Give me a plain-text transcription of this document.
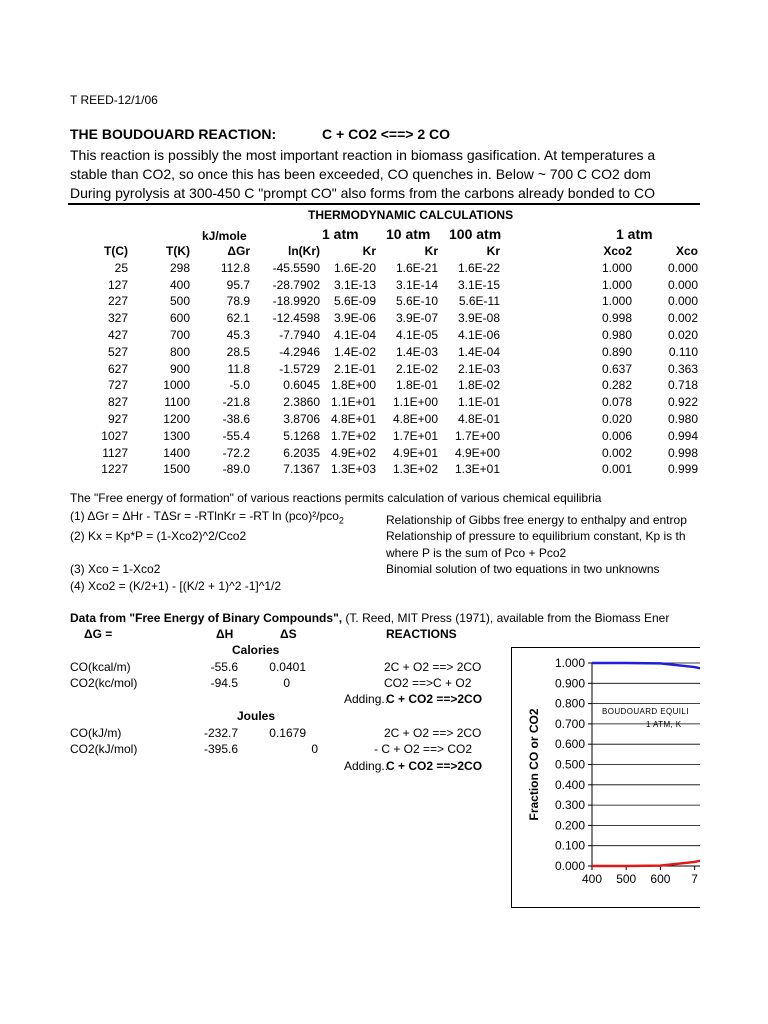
T REED-12/1/06
THE BOUDOUARD REACTION:	C + CO2 <==> 2 CO
This reaction is possibly the most important reaction in biomass gasification. At temperatures a
stable than CO2, so once this has been exceeded, CO quenches in. Below ~ 700 C CO2 dom
During pyrolysis at 300-450 C "prompt CO" also forms from the carbons already bonded to CO
THERMODYNAMIC CALCULATIONS
kJ/mole	1 atm 10 atm 100 atm	1 atm
T(C)	T(K)	ΔGr	ln(Kr)	Kr	Kr	Kr	Xco2	Xco
25	298	112.8	-45.5590	1.6E-20	1.6E-21	1.6E-22	1.000	0.000
127	400	95.7	-28.7902	3.1E-13	3.1E-14	3.1E-15	1.000	0.000
227	500	78.9	-18.9920	5.6E-09	5.6E-10	5.6E-11	1.000	0.000
327	600	62.1	-12.4598	3.9E-06	3.9E-07	3.9E-08	0.998	0.002
427	700	45.3	-7.7940	4.1E-04	4.1E-05	4.1E-06	0.980	0.020
527	800	28.5	-4.2946	1.4E-02	1.4E-03	1.4E-04	0.890	0.110
627	900	11.8	-1.5729	2.1E-01	2.1E-02	2.1E-03	0.637	0.363
727	1000	-5.0	0.6045	1.8E+00	1.8E-01	1.8E-02	0.282	0.718
827	1100	-21.8	2.3860	1.1E+01	1.1E+00	1.1E-01	0.078	0.922
927	1200	-38.6	3.8706	4.8E+01	4.8E+00	4.8E-01	0.020	0.980
1027	1300	-55.4	5.1268	1.7E+02	1.7E+01	1.7E+00	0.006	0.994
1127	1400	-72.2	6.2035	4.9E+02	4.9E+01	4.9E+00	0.002	0.998
1227	1500	-89.0	7.1367	1.3E+03	1.3E+02	1.3E+01	0.001	0.999
The "Free energy of formation" of various reactions permits calculation of various chemical equilibria
(1) ΔGr = ΔHr - TΔSr = -RTlnKr = -RT ln (pco)²/pco$_2$	Relationship of Gibbs free energy to enthalpy and entrop
(2) Kx = Kp*P = (1-Xco2)^2/Cco2	Relationship of pressure to equilibrium constant, Kp is th
where P is the sum of Pco + Pco2
(3) Xco = 1-Xco2	Binomial solution of two equations in two unknowns
(4) Xco2 = (K/2+1) - [(K/2 + 1)^2 -1]^1/2
Data from "Free Energy of Binary Compounds", (T. Reed, MIT Press (1971), available from the Biomass Ener
ΔG =	ΔH	ΔS	REACTIONS
Calories
CO(kcal/m)	-55.6	0.0401	2C + O2 ==> 2CO
CO2(kc/mol)	-94.5	0	CO2 ==>C + O2
Adding..
C + CO2 ==>2CO
Joules
CO(kJ/m)	-232.7	0.1679	2C + O2 ==> 2CO
CO2(kJ/mol)	-395.6	0	- C + O2 ==> CO2
Adding..
C + CO2 ==>2CO
1.000
0.900
0.800
0.700
0.600
0.500
0.400
0.300
0.200
0.100
0.000
400 500 600 7
Fraction CO or CO2	BOUDOUARD EQUILI
1 ATM, K
